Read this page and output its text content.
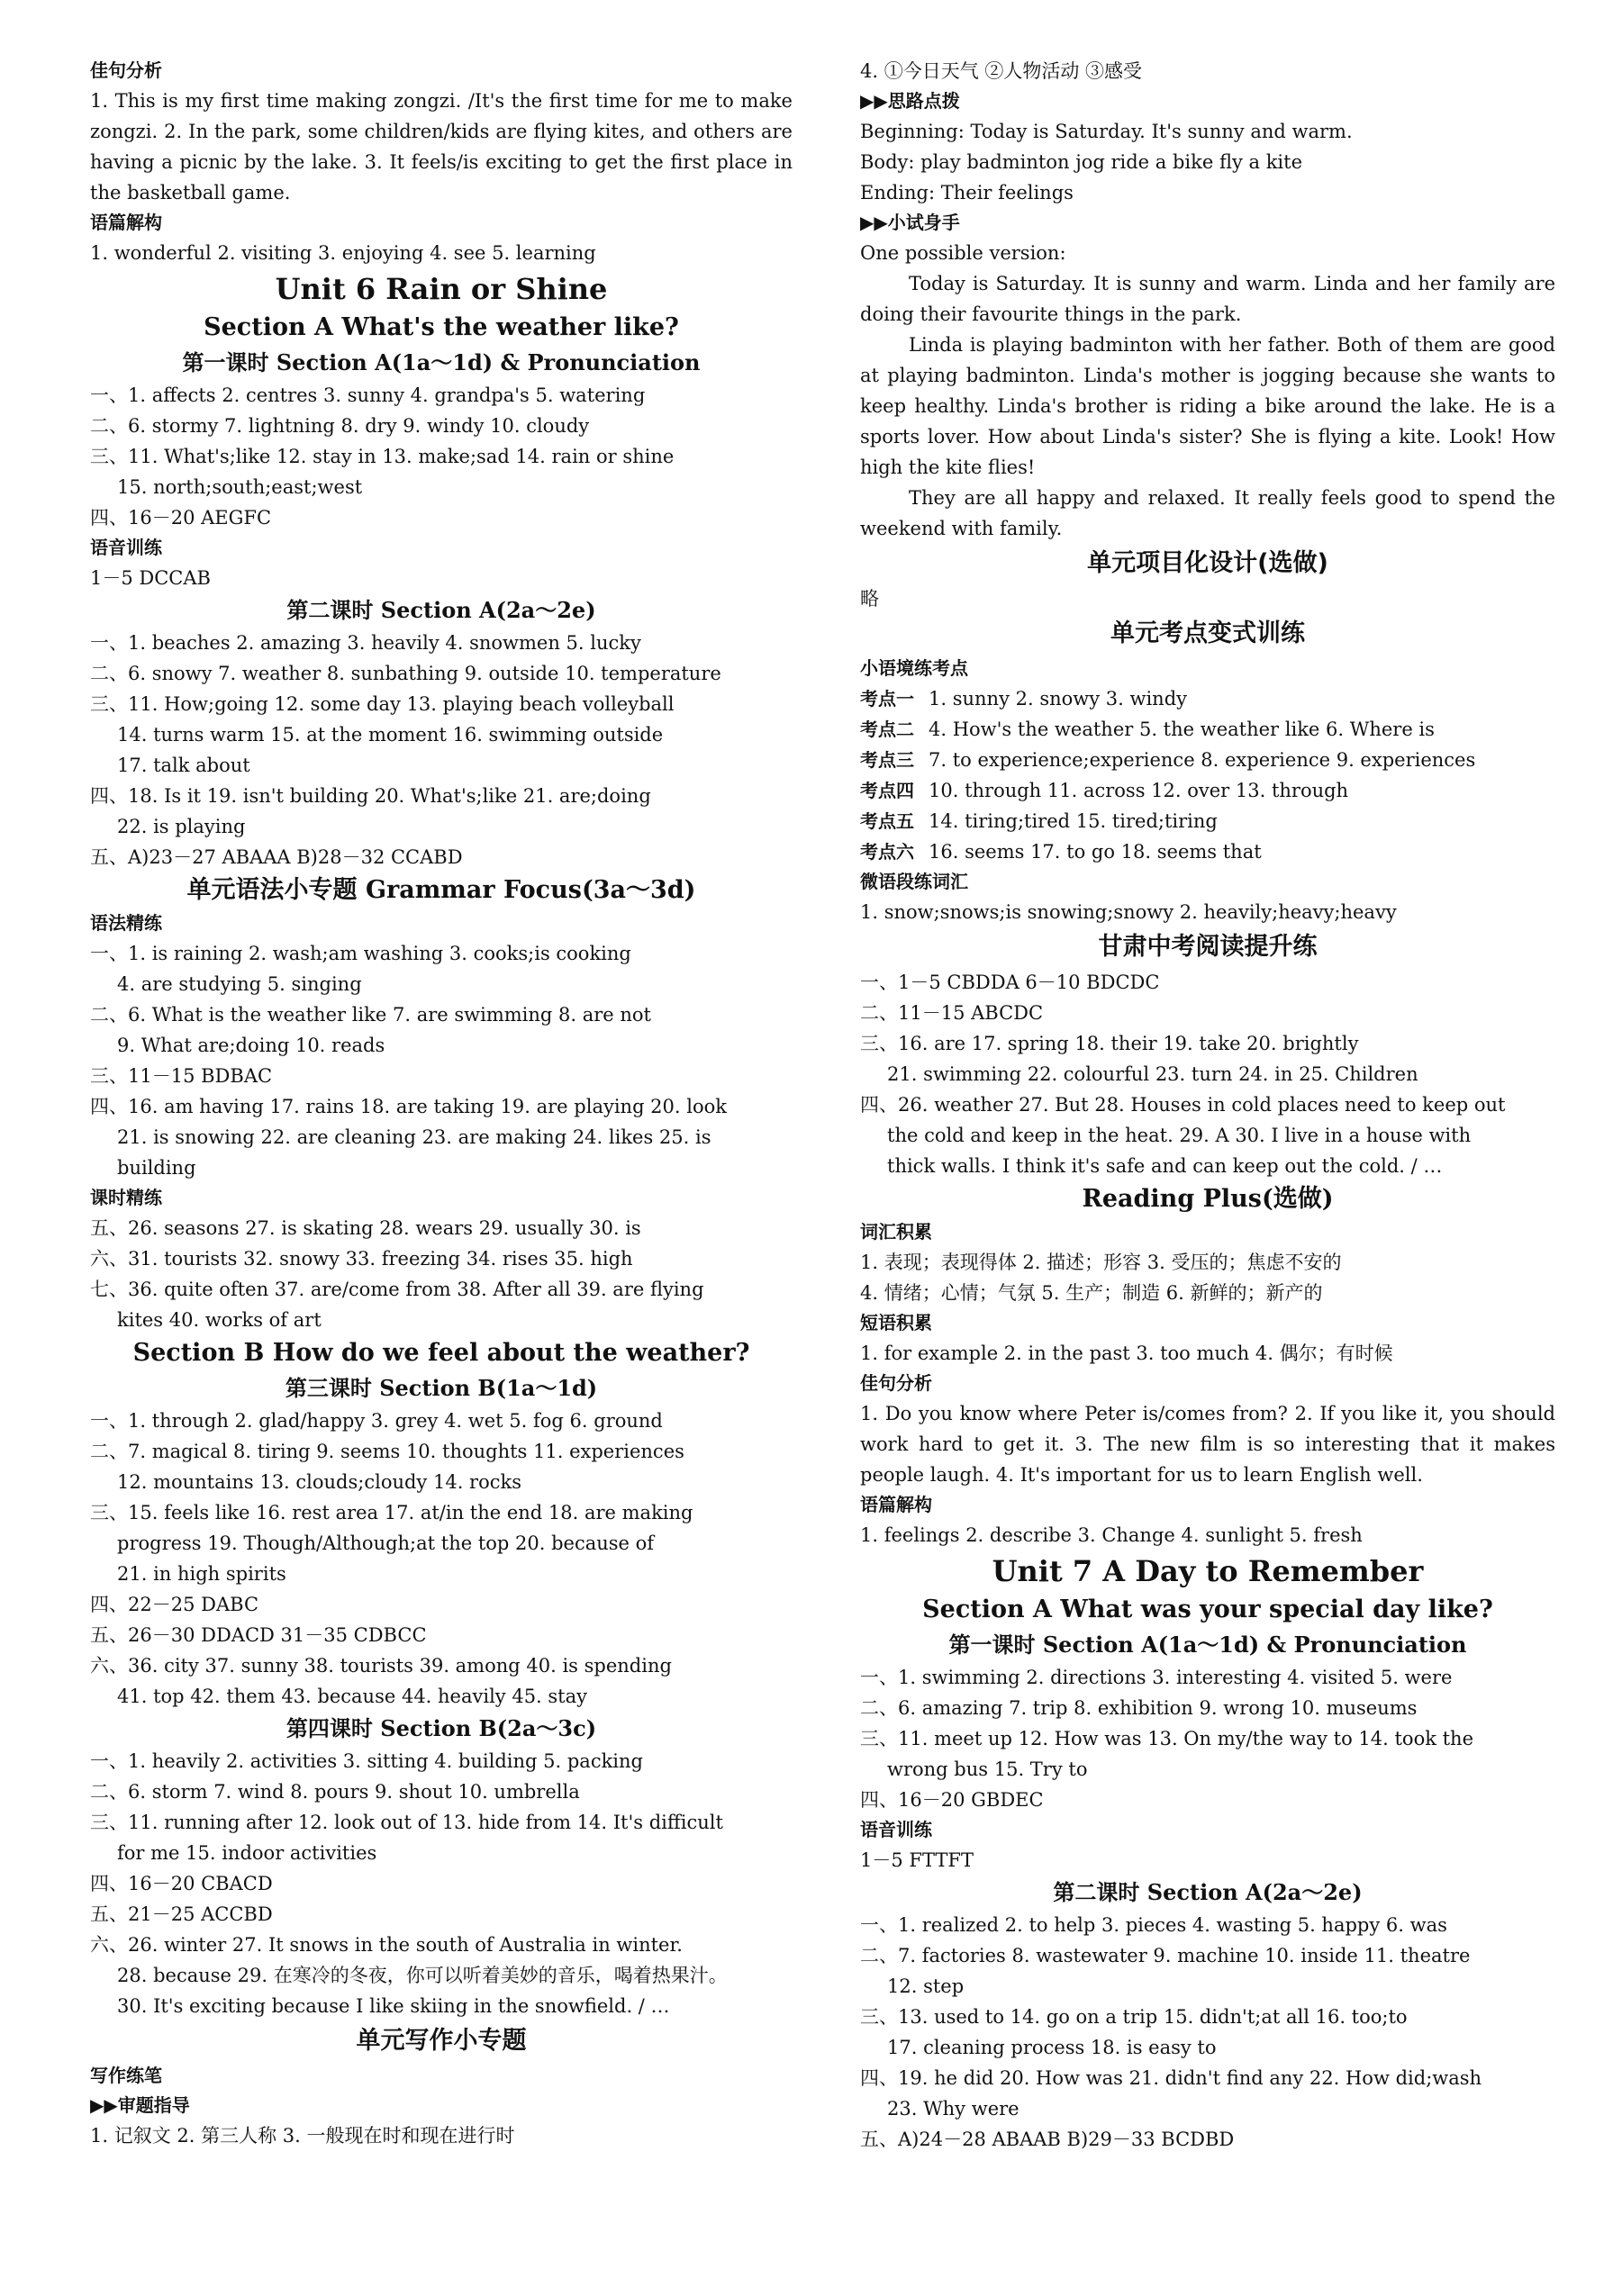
佳句分析
1. This is my first time making zongzi. /It's the first time for me to make zongzi. 2. In the park, some children/kids are flying kites, and others are having a picnic by the lake. 3. It feels/is exciting to get the first place in the basketball game.
语篇解构
1. wonderful 2. visiting 3. enjoying 4. see 5. learning
Unit 6 Rain or Shine
Section A What's the weather like?
第一课时 Section A(1a～1d) & Pronunciation
一、1. affects 2. centres 3. sunny 4. grandpa's 5. watering
二、6. stormy 7. lightning 8. dry 9. windy 10. cloudy
三、11. What's;like 12. stay in 13. make;sad 14. rain or shine
15. north;south;east;west
四、16－20 AEGFC
语音训练
1－5 DCCAB
第二课时 Section A(2a～2e)
一、1. beaches 2. amazing 3. heavily 4. snowmen 5. lucky
二、6. snowy 7. weather 8. sunbathing 9. outside 10. temperature
三、11. How;going 12. some day 13. playing beach volleyball
14. turns warm 15. at the moment 16. swimming outside
17. talk about
四、18. Is it 19. isn't building 20. What's;like 21. are;doing
22. is playing
五、A)23－27 ABAAA B)28－32 CCABD
单元语法小专题 Grammar Focus(3a～3d)
语法精练
一、1. is raining 2. wash;am washing 3. cooks;is cooking
4. are studying 5. singing
二、6. What is the weather like 7. are swimming 8. are not
9. What are;doing 10. reads
三、11－15 BDBAC
四、16. am having 17. rains 18. are taking 19. are playing 20. look
21. is snowing 22. are cleaning 23. are making 24. likes 25. is
building
课时精练
五、26. seasons 27. is skating 28. wears 29. usually 30. is
六、31. tourists 32. snowy 33. freezing 34. rises 35. high
七、36. quite often 37. are/come from 38. After all 39. are flying
kites 40. works of art
Section B How do we feel about the weather?
第三课时 Section B(1a～1d)
一、1. through 2. glad/happy 3. grey 4. wet 5. fog 6. ground
二、7. magical 8. tiring 9. seems 10. thoughts 11. experiences
12. mountains 13. clouds;cloudy 14. rocks
三、15. feels like 16. rest area 17. at/in the end 18. are making
progress 19. Though/Although;at the top 20. because of
21. in high spirits
四、22－25 DABC
五、26－30 DDACD 31－35 CDBCC
六、36. city 37. sunny 38. tourists 39. among 40. is spending
41. top 42. them 43. because 44. heavily 45. stay
第四课时 Section B(2a～3c)
一、1. heavily 2. activities 3. sitting 4. building 5. packing
二、6. storm 7. wind 8. pours 9. shout 10. umbrella
三、11. running after 12. look out of 13. hide from 14. It's difficult
for me 15. indoor activities
四、16－20 CBACD
五、21－25 ACCBD
六、26. winter 27. It snows in the south of Australia in winter.
28. because 29. 在寒冷的冬夜，你可以听着美妙的音乐，喝着热果汁。
30. It's exciting because I like skiing in the snowfield. / …
单元写作小专题
写作练笔
▶▶审题指导
1. 记叙文 2. 第三人称 3. 一般现在时和现在进行时
4. ①今日天气 ②人物活动 ③感受
▶▶思路点拨
Beginning: Today is Saturday. It's sunny and warm.
Body: play badminton jog ride a bike fly a kite
Ending: Their feelings
▶▶小试身手
One possible version:
Today is Saturday. It is sunny and warm. Linda and her family are doing their favourite things in the park.
Linda is playing badminton with her father. Both of them are good at playing badminton. Linda's mother is jogging because she wants to keep healthy. Linda's brother is riding a bike around the lake. He is a sports lover. How about Linda's sister? She is flying a kite. Look! How high the kite flies!
They are all happy and relaxed. It really feels good to spend the weekend with family.
单元项目化设计(选做)
略
单元考点变式训练
小语境练考点
考点一 1. sunny 2. snowy 3. windy
考点二 4. How's the weather 5. the weather like 6. Where is
考点三 7. to experience;experience 8. experience 9. experiences
考点四 10. through 11. across 12. over 13. through
考点五 14. tiring;tired 15. tired;tiring
考点六 16. seems 17. to go 18. seems that
微语段练词汇
1. snow;snows;is snowing;snowy 2. heavily;heavy;heavy
甘肃中考阅读提升练
一、1－5 CBDDA 6－10 BDCDC
二、11－15 ABCDC
三、16. are 17. spring 18. their 19. take 20. brightly
21. swimming 22. colourful 23. turn 24. in 25. Children
四、26. weather 27. But 28. Houses in cold places need to keep out
the cold and keep in the heat. 29. A 30. I live in a house with
thick walls. I think it's safe and can keep out the cold. / …
Reading Plus(选做)
词汇积累
1. 表现；表现得体 2. 描述；形容 3. 受压的；焦虑不安的
4. 情绪；心情；气氛 5. 生产；制造 6. 新鲜的；新产的
短语积累
1. for example 2. in the past 3. too much 4. 偶尔；有时候
佳句分析
1. Do you know where Peter is/comes from? 2. If you like it, you should work hard to get it. 3. The new film is so interesting that it makes people laugh. 4. It's important for us to learn English well.
语篇解构
1. feelings 2. describe 3. Change 4. sunlight 5. fresh
Unit 7 A Day to Remember
Section A What was your special day like?
第一课时 Section A(1a～1d) & Pronunciation
一、1. swimming 2. directions 3. interesting 4. visited 5. were
二、6. amazing 7. trip 8. exhibition 9. wrong 10. museums
三、11. meet up 12. How was 13. On my/the way to 14. took the
wrong bus 15. Try to
四、16－20 GBDEC
语音训练
1－5 FTTFT
第二课时 Section A(2a～2e)
一、1. realized 2. to help 3. pieces 4. wasting 5. happy 6. was
二、7. factories 8. wastewater 9. machine 10. inside 11. theatre
12. step
三、13. used to 14. go on a trip 15. didn't;at all 16. too;to
17. cleaning process 18. is easy to
四、19. he did 20. How was 21. didn't find any 22. How did;wash
23. Why were
五、A)24－28 ABAAB B)29－33 BCDBD
